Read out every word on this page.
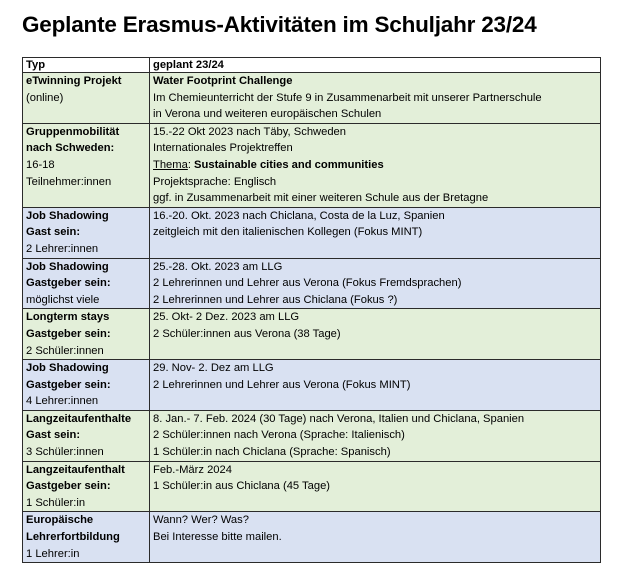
Geplante Erasmus-Aktivitäten im Schuljahr 23/24
Typ	geplant 23/24

eTwinning Projekt
(online)	Water Footprint Challenge
Im Chemieunterricht der Stufe 9 in Zusammenarbeit mit unserer Partnerschule
in Verona und weiteren europäischen Schulen

Gruppenmobilität
nach Schweden:
16-18
Teilnehmer:innen	15.-22 Okt 2023 nach Täby, Schweden
Internationales Projektreffen
Thema: Sustainable cities and communities
Projektsprache: Englisch
ggf. in Zusammenarbeit mit einer weiteren Schule aus der Bretagne

Job Shadowing
Gast sein:
2 Lehrer:innen	16.-20. Okt. 2023 nach Chiclana, Costa de la Luz, Spanien
zeitgleich mit den italienischen Kollegen (Fokus MINT)

Job Shadowing
Gastgeber sein:
möglichst viele	25.-28. Okt. 2023 am LLG
2 Lehrerinnen und Lehrer aus Verona (Fokus Fremdsprachen)
2 Lehrerinnen und Lehrer aus Chiclana (Fokus ?)

Longterm stays
Gastgeber sein:
2 Schüler:innen	25. Okt- 2 Dez. 2023 am LLG
2 Schüler:innen aus Verona (38 Tage)

Job Shadowing
Gastgeber sein:
4 Lehrer:innen	29. Nov- 2. Dez am LLG
2 Lehrerinnen und Lehrer aus Verona (Fokus MINT)

Langzeitaufenthalte
Gast sein:
3 Schüler:innen	8. Jan.- 7. Feb. 2024 (30 Tage) nach Verona, Italien und Chiclana, Spanien
2 Schüler:innen nach Verona (Sprache: Italienisch)
1 Schüler:in nach Chiclana (Sprache: Spanisch)

Langzeitaufenthalt
Gastgeber sein:
1 Schüler:in	Feb.-März 2024
1 Schüler:in aus Chiclana (45 Tage)

Europäische
Lehrerfortbildung
1 Lehrer:in	Wann? Wer? Was?
Bei Interesse bitte mailen.
